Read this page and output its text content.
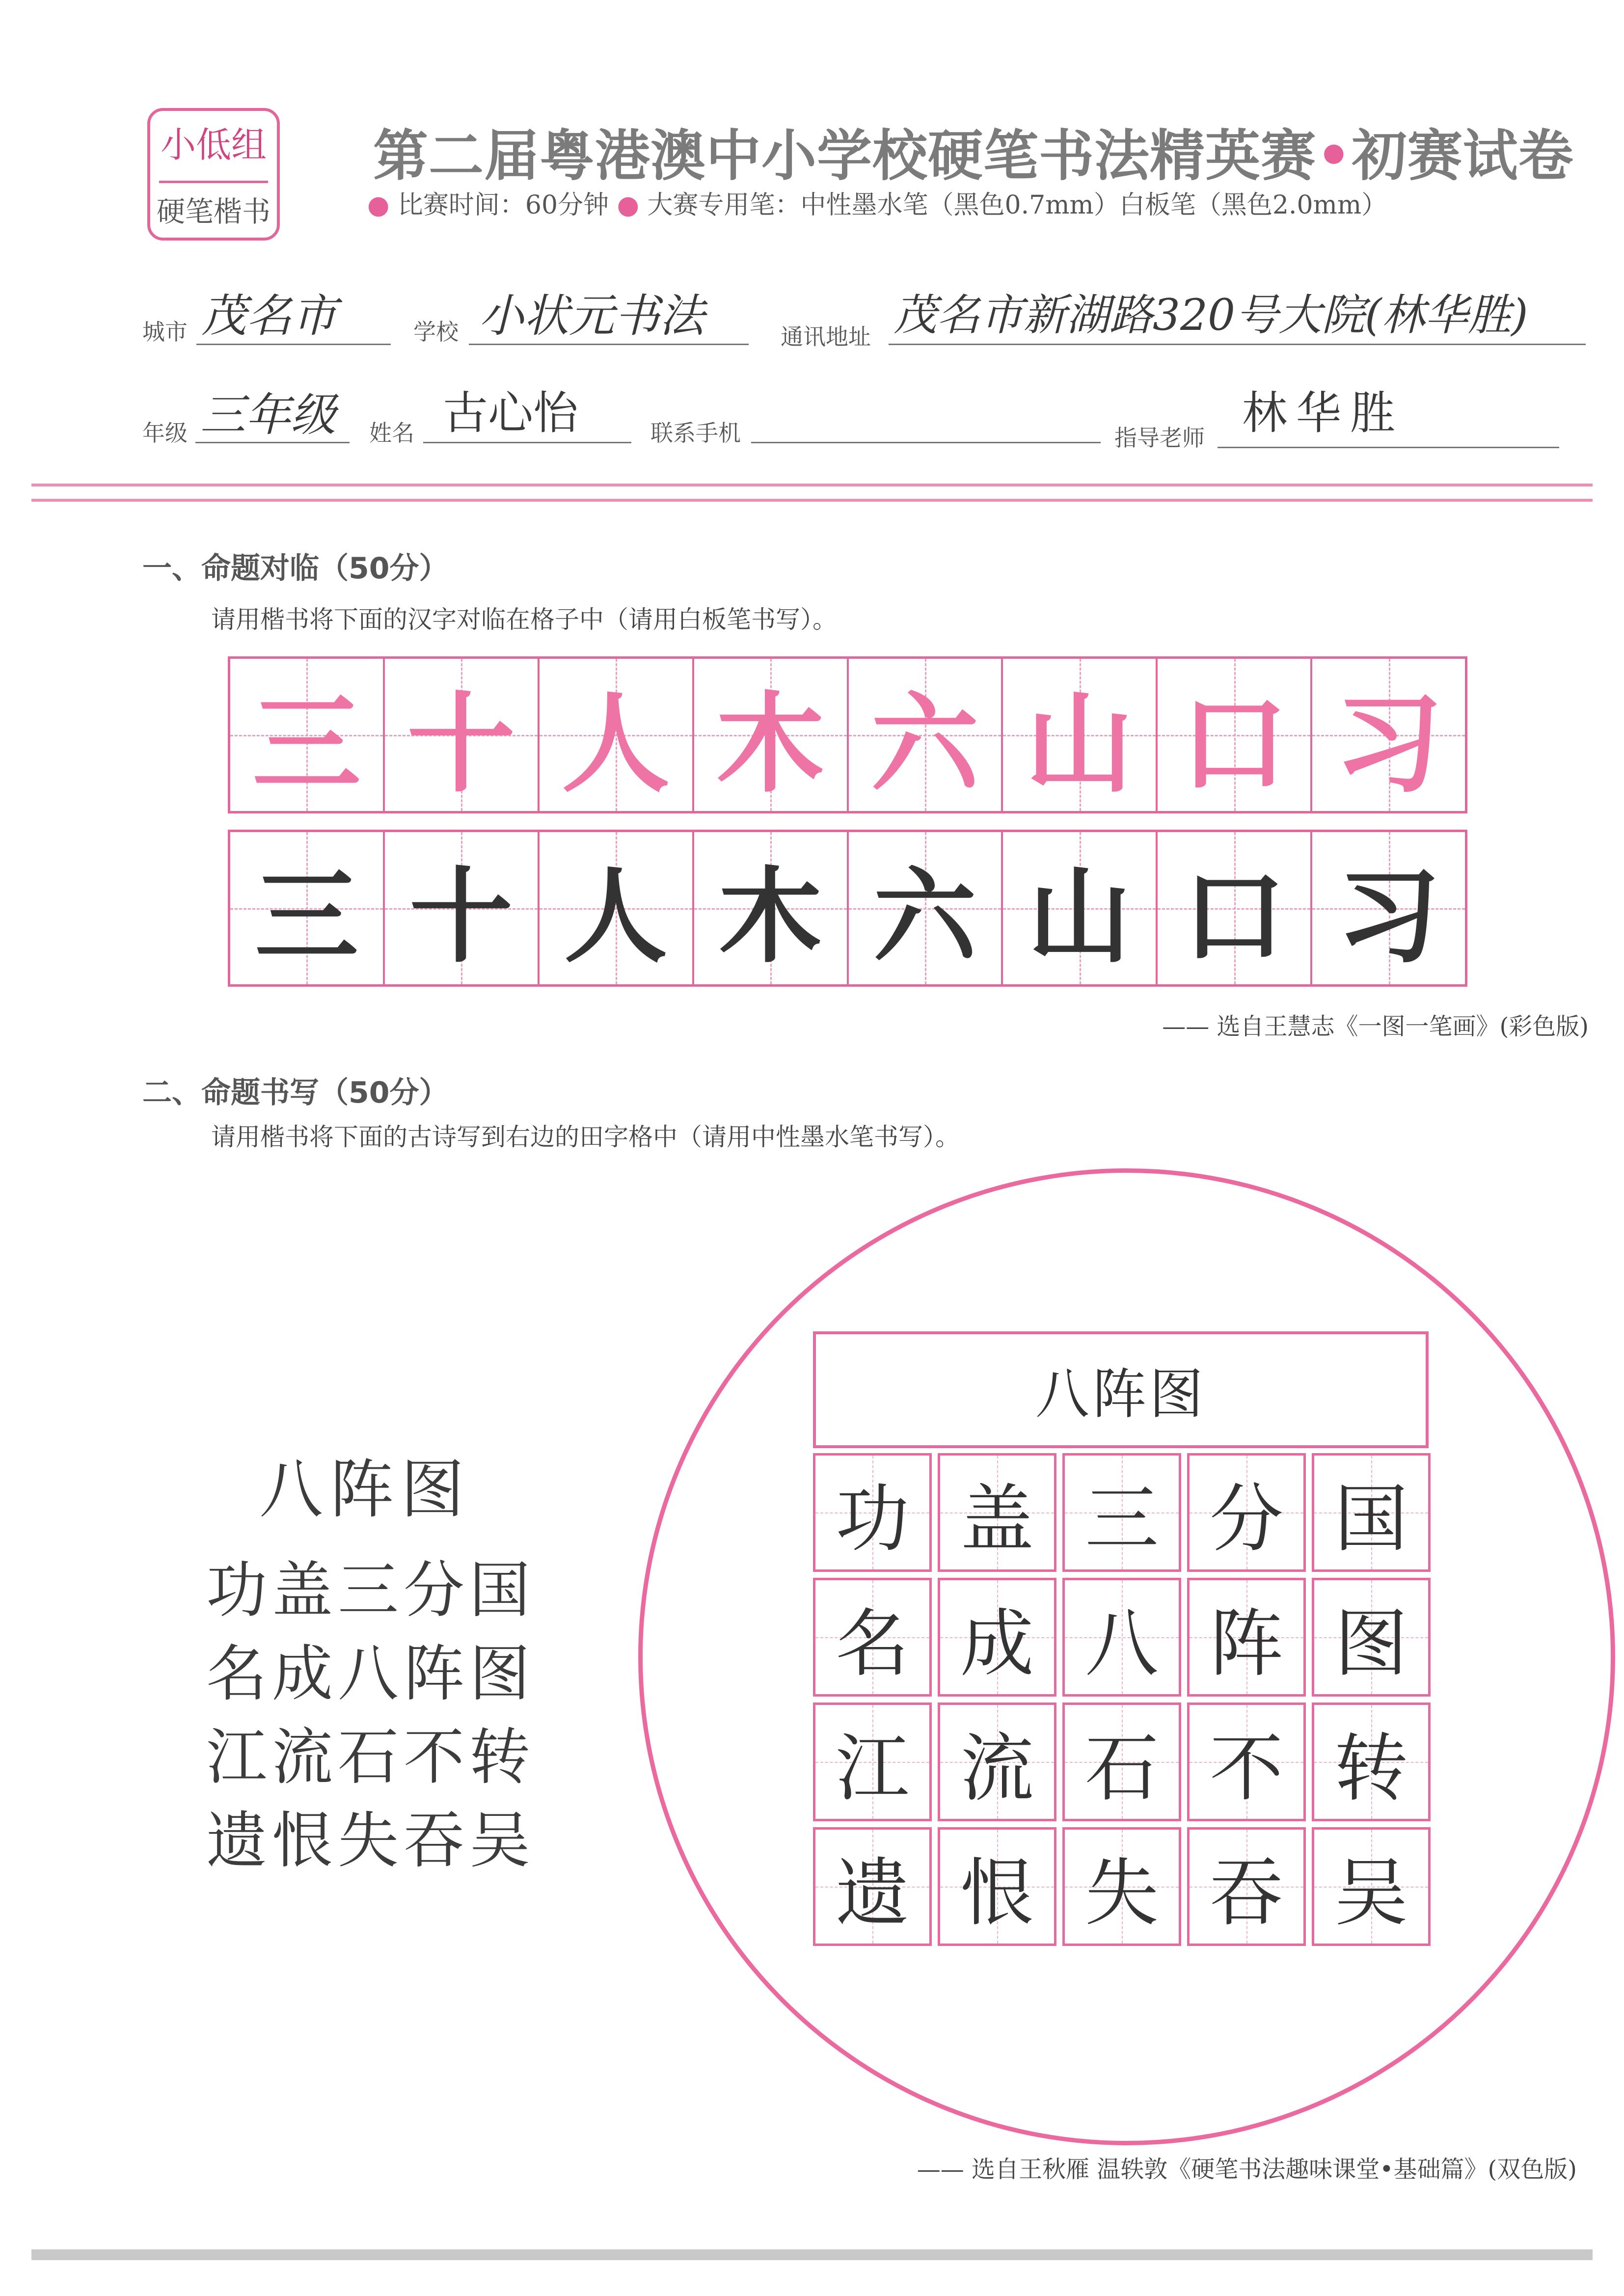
小低组
硬笔楷书
第二届粤港澳中小学校硬笔书法精英赛•初赛试卷
● 比赛时间：60分钟 ● 大赛专用笔：中性墨水笔（黑色0.7mm）白板笔（黑色2.0mm）
城市 茂名市	学校 小状元书法	通讯地址 茂名市新湖路320号大院(林华胜)
年级 三年级 姓名 古心怡	联系手机	指导老师 林华胜
一、命题对临（50分）
请用楷书将下面的汉字对临在格子中（请用白板笔书写）。
三 十 人 木 六 山 口 习
三 十 人 木 六 山 口 习
—— 选自王慧志《一图一笔画》(彩色版)
二、命题书写（50分）
请用楷书将下面的古诗写到右边的田字格中（请用中性墨水笔书写）。
八阵图
功盖三分国
名成八阵图
江流石不转
遗恨失吞吴
八阵图
功 盖 三 分 国
名 成 八 阵 图
江 流 石 不 转
遗 恨 失 吞 吴
—— 选自王秋雁 温轶敦《硬笔书法趣味课堂•基础篇》(双色版)
